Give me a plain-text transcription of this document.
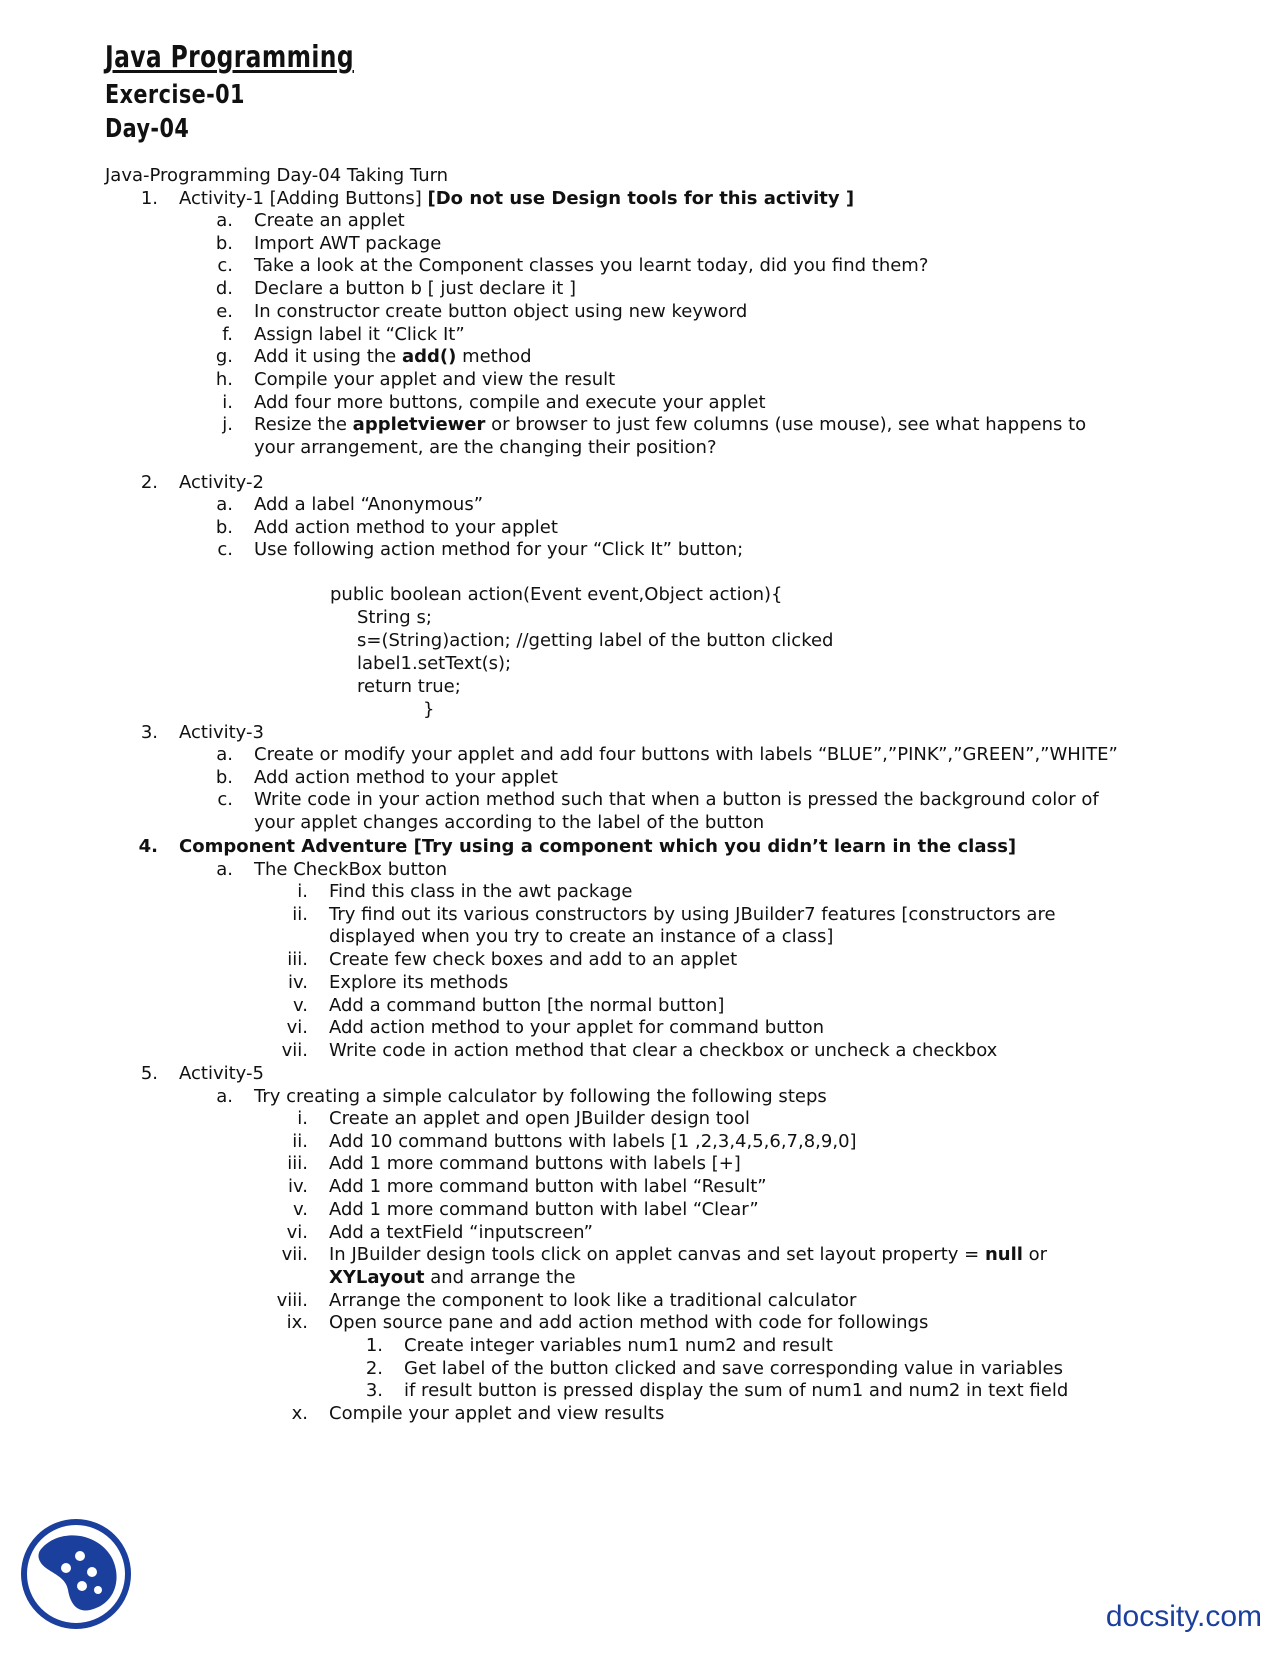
Java Programming
Exercise-01
Day-04
Java-Programming Day-04 Taking Turn
1. Activity-1 [Adding Buttons] [Do not use Design tools for this activity ]
a. Create an applet
b. Import AWT package
c. Take a look at the Component classes you learnt today, did you find them?
d. Declare a button b [ just declare it ]
e. In constructor create button object using new keyword
f. Assign label it “Click It”
g. Add it using the add() method
h. Compile your applet and view the result
i. Add four more buttons, compile and execute your applet
j. Resize the appletviewer or browser to just few columns (use mouse), see what happens to
your arrangement, are the changing their position?
2. Activity-2
a. Add a label “Anonymous”
b. Add action method to your applet
c. Use following action method for your “Click It” button;
public boolean action(Event event,Object action){
String s;
s=(String)action; //getting label of the button clicked
label1.setText(s);
return true;
}
3. Activity-3
a. Create or modify your applet and add four buttons with labels “BLUE”,”PINK”,”GREEN”,”WHITE”
b. Add action method to your applet
c. Write code in your action method such that when a button is pressed the background color of
your applet changes according to the label of the button
4. Component Adventure [Try using a component which you didn’t learn in the class]
a. The CheckBox button
i. Find this class in the awt package
ii. Try find out its various constructors by using JBuilder7 features [constructors are
displayed when you try to create an instance of a class]
iii. Create few check boxes and add to an applet
iv. Explore its methods
v. Add a command button [the normal button]
vi. Add action method to your applet for command button
vii. Write code in action method that clear a checkbox or uncheck a checkbox
5. Activity-5
a. Try creating a simple calculator by following the following steps
i. Create an applet and open JBuilder design tool
ii. Add 10 command buttons with labels [1 ,2,3,4,5,6,7,8,9,0]
iii. Add 1 more command buttons with labels [+]
iv. Add 1 more command button with label “Result”
v. Add 1 more command button with label “Clear”
vi. Add a textField “inputscreen”
vii. In JBuilder design tools click on applet canvas and set layout property = null or
XYLayout and arrange the
viii. Arrange the component to look like a traditional calculator
ix. Open source pane and add action method with code for followings
1. Create integer variables num1 num2 and result
2. Get label of the button clicked and save corresponding value in variables
3. if result button is pressed display the sum of num1 and num2 in text field
x. Compile your applet and view results
docsity.com
